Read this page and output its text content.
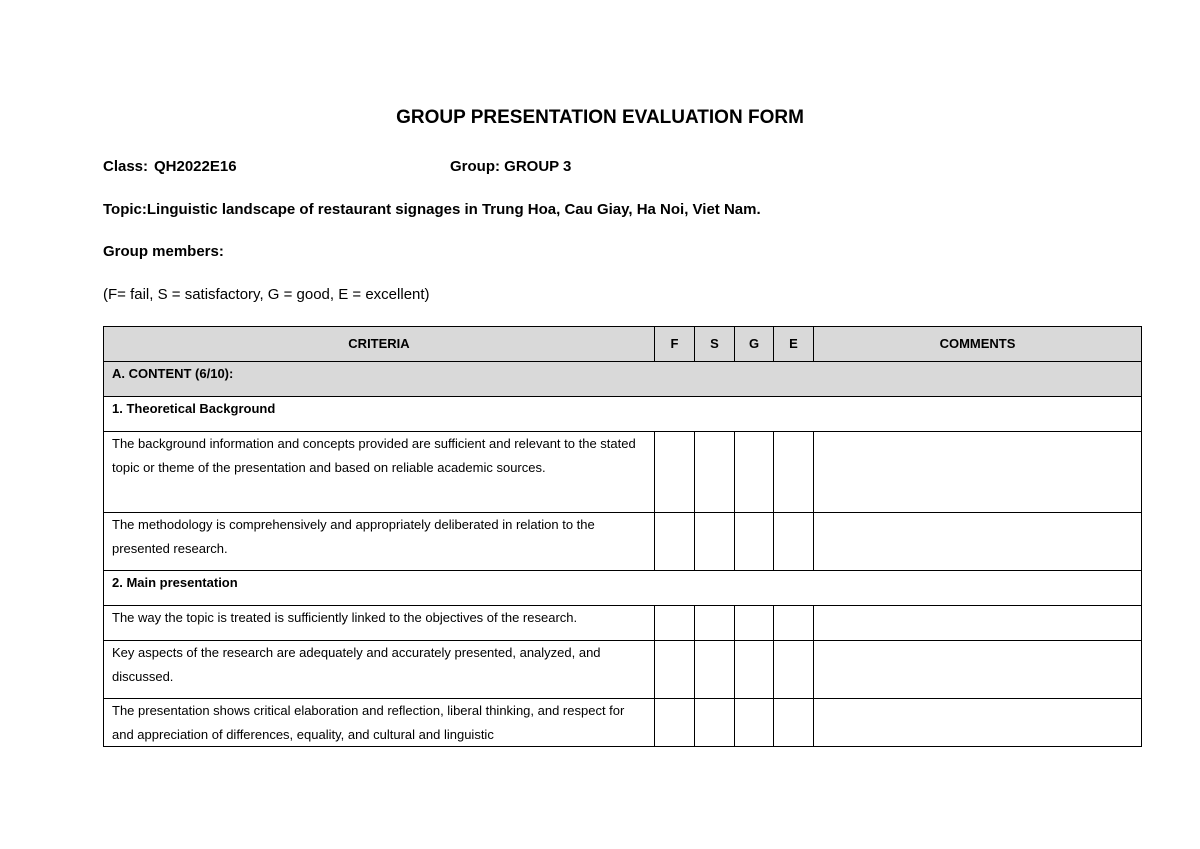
GROUP PRESENTATION EVALUATION FORM
Class: QH2022E16	Group: GROUP 3
Topic:Linguistic landscape of restaurant signages in Trung Hoa, Cau Giay, Ha Noi, Viet Nam.
Group members:
(F= fail, S = satisfactory, G = good, E = excellent)
CRITERIA	F	S	G	E	COMMENTS
A. CONTENT (6/10):					
1. Theoretical Background					
The background information and concepts provided are sufficient and relevant to the stated topic or theme of the presentation and based on reliable academic sources.					
The methodology is comprehensively and appropriately deliberated in relation to the presented research.					
2. Main presentation					
The way the topic is treated is sufficiently linked to the objectives of the research.					
Key aspects of the research are adequately and accurately presented, analyzed, and discussed.					
The presentation shows critical elaboration and reflection, liberal thinking, and respect for and appreciation of differences, equality, and cultural and linguistic					
